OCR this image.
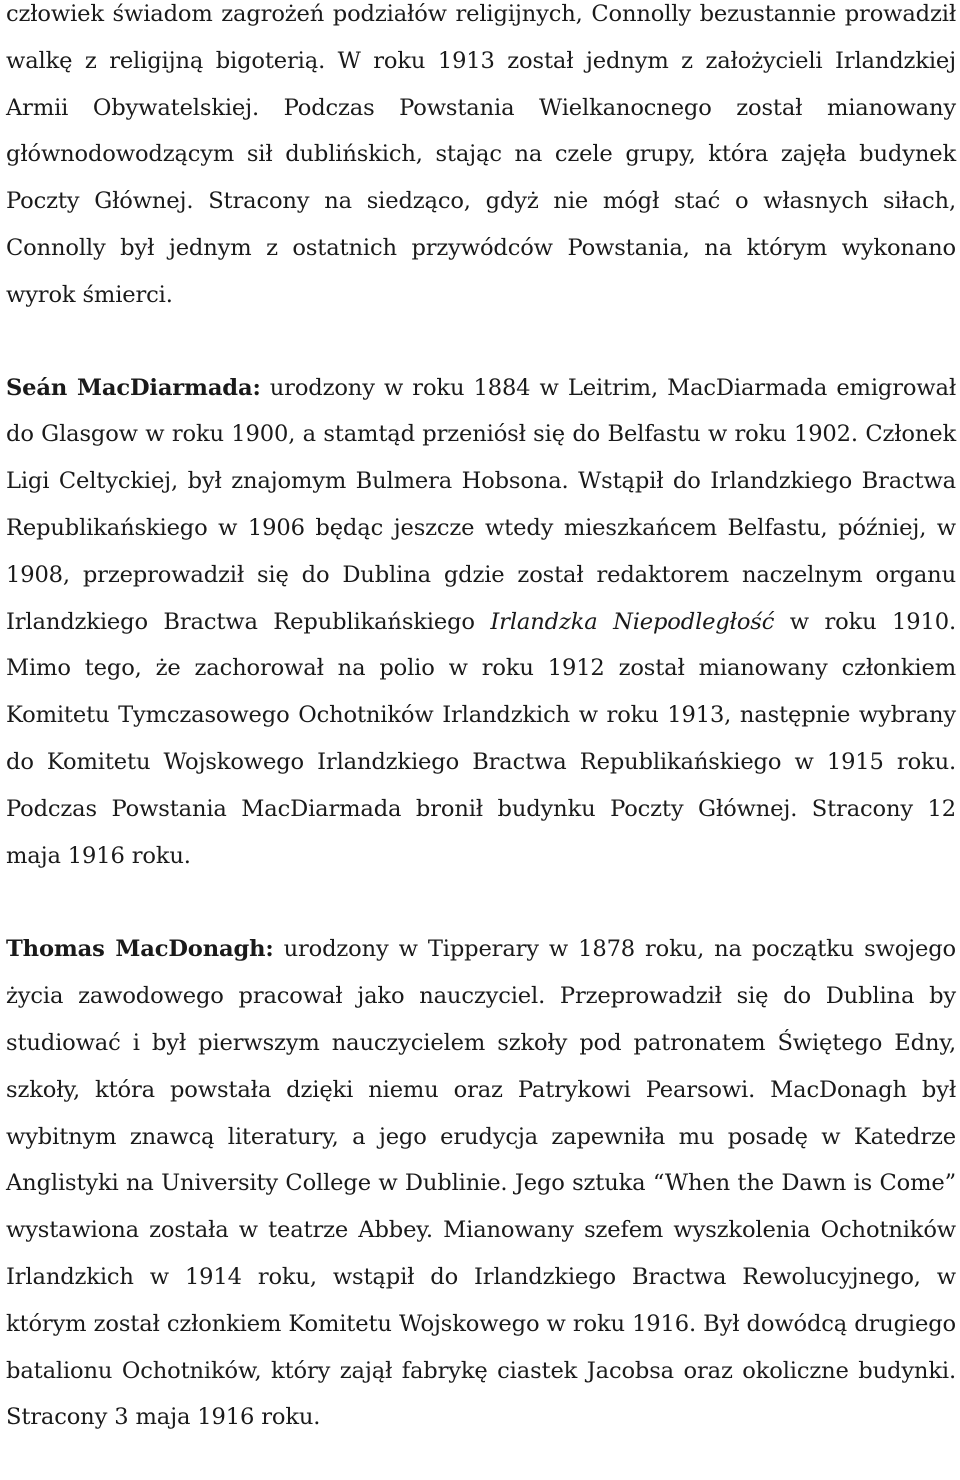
człowiek świadom zagrożeń podziałów religijnych, Connolly bezustannie prowadził walkę z religijną bigoterią. W roku 1913 został jednym z założycieli Irlandzkiej Armii Obywatelskiej. Podczas Powstania Wielkanocnego został mianowany głównodowodzącym sił dublińskich, stając na czele grupy, która zajęła budynek Poczty Głównej. Stracony na siedząco, gdyż nie mógł stać o własnych siłach, Connolly był jednym z ostatnich przywódców Powstania, na którym wykonano wyrok śmierci.

Seán MacDiarmada: urodzony w roku 1884 w Leitrim, MacDiarmada emigrował do Glasgow w roku 1900, a stamtąd przeniósł się do Belfastu w roku 1902. Członek Ligi Celtyckiej, był znajomym Bulmera Hobsona. Wstąpił do Irlandzkiego Bractwa Republikańskiego w 1906 będąc jeszcze wtedy mieszkańcem Belfastu, później, w 1908, przeprowadził się do Dublina gdzie został redaktorem naczelnym organu Irlandzkiego Bractwa Republikańskiego Irlandzka Niepodległość w roku 1910. Mimo tego, że zachorował na polio w roku 1912 został mianowany członkiem Komitetu Tymczasowego Ochotników Irlandzkich w roku 1913, następnie wybrany do Komitetu Wojskowego Irlandzkiego Bractwa Republikańskiego w 1915 roku. Podczas Powstania MacDiarmada bronił budynku Poczty Głównej. Stracony 12 maja 1916 roku.

Thomas MacDonagh: urodzony w Tipperary w 1878 roku, na początku swojego życia zawodowego pracował jako nauczyciel. Przeprowadził się do Dublina by studiować i był pierwszym nauczycielem szkoły pod patronatem Świętego Edny, szkoły, która powstała dzięki niemu oraz Patrykowi Pearsowi. MacDonagh był wybitnym znawcą literatury, a jego erudycja zapewniła mu posadę w Katedrze Anglistyki na University College w Dublinie. Jego sztuka “When the Dawn is Come” wystawiona została w teatrze Abbey. Mianowany szefem wyszkolenia Ochotników Irlandzkich w 1914 roku, wstąpił do Irlandzkiego Bractwa Rewolucyjnego, w którym został członkiem Komitetu Wojskowego w roku 1916. Był dowódcą drugiego batalionu Ochotników, który zajął fabrykę ciastek Jacobsa oraz okoliczne budynki. Stracony 3 maja 1916 roku.
